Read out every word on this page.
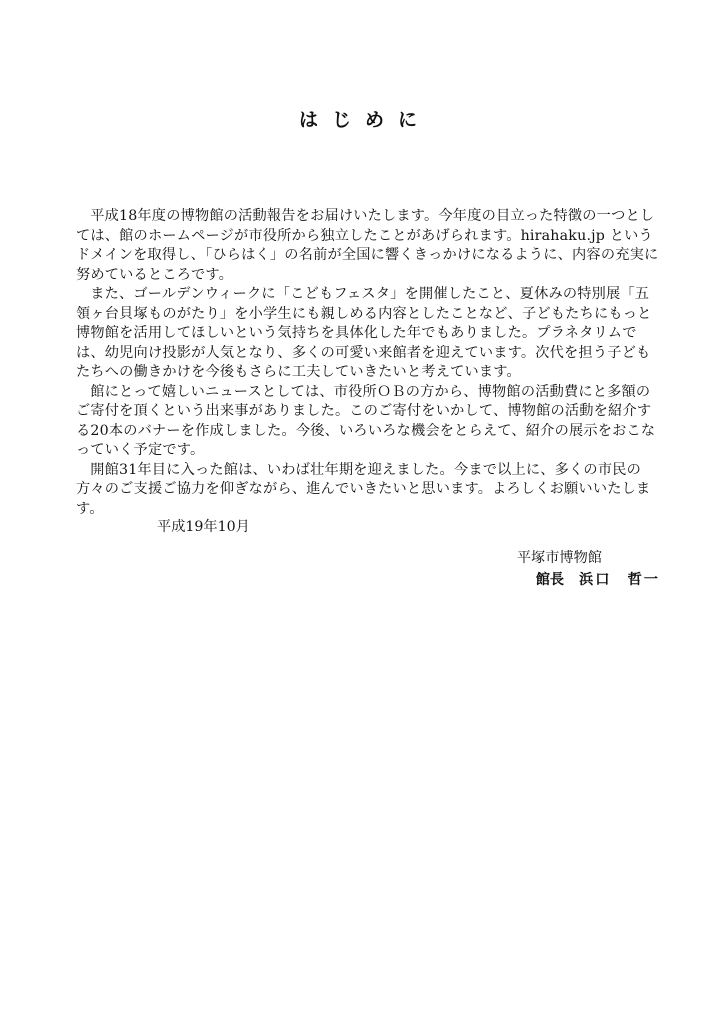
はじめに

平成18年度の博物館の活動報告をお届けいたします。今年度の目立った特徴の一つとしては、館のホームページが市役所から独立したことがあげられます。hirahaku.jp というドメインを取得し、「ひらはく」の名前が全国に響くきっかけになるように、内容の充実に努めているところです。

また、ゴールデンウィークに「こどもフェスタ」を開催したこと、夏休みの特別展「五領ヶ台貝塚ものがたり」を小学生にも親しめる内容としたことなど、子どもたちにもっと博物館を活用してほしいという気持ちを具体化した年でもありました。プラネタリムでは、幼児向け投影が人気となり、多くの可愛い来館者を迎えています。次代を担う子どもたちへの働きかけを今後もさらに工夫していきたいと考えています。

館にとって嬉しいニュースとしては、市役所ＯＢの方から、博物館の活動費にと多額のご寄付を頂くという出来事がありました。このご寄付をいかして、博物館の活動を紹介する20本のバナーを作成しました。今後、いろいろな機会をとらえて、紹介の展示をおこなっていく予定です。

開館31年目に入った館は、いわば壮年期を迎えました。今まで以上に、多くの市民の方々のご支援ご協力を仰ぎながら、進んでいきたいと思います。よろしくお願いいたします。

平成19年10月
平塚市博物館
館長 浜口　哲一
